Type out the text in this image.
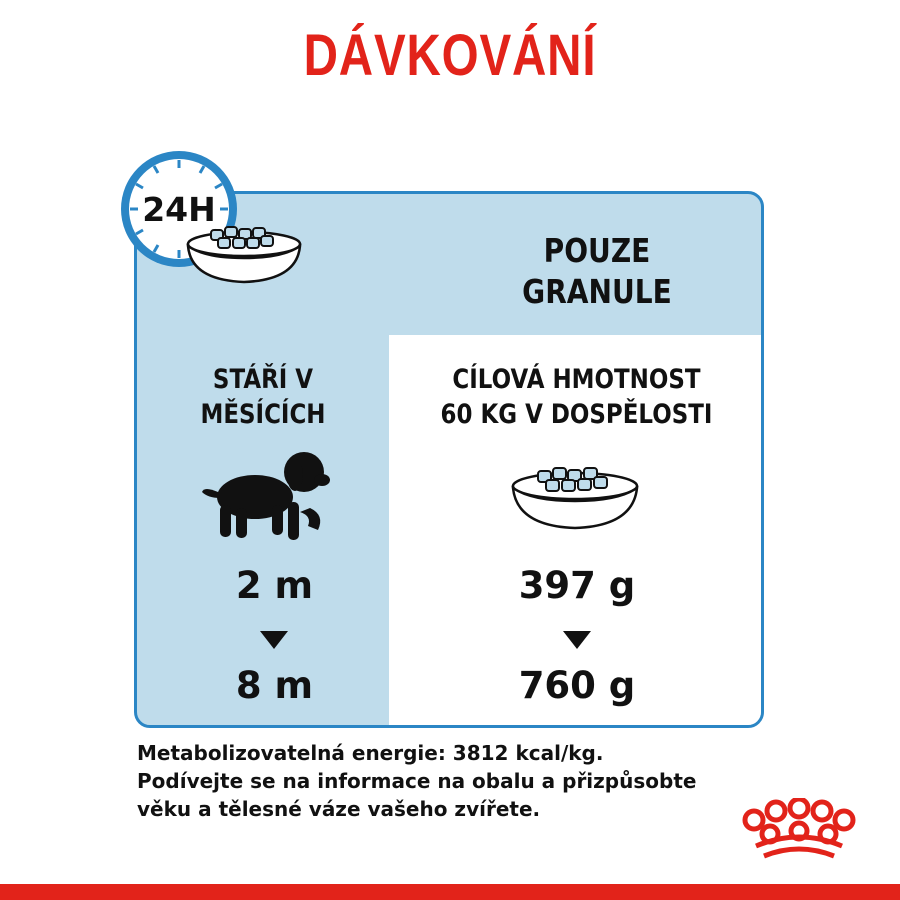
DÁVKOVÁNÍ
POUZE
GRANULE
STÁŘÍ V
MĚSÍCÍCH
CÍLOVÁ HMOTNOST
60 KG V DOSPĚLOSTI
2 m
8 m
397 g
760 g
24H
Metabolizovatelná energie: 3812 kcal/kg.
Podívejte se na informace na obalu a přizpůsobte
věku a tělesné váze vašeho zvířete.
